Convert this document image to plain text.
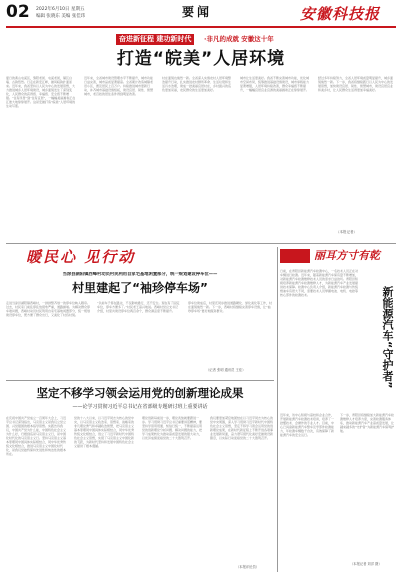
02 2022年6月10日 星期五
编辑 张晓东 美编 张佳玮	要闻	安徽科技报
奋进新征程 建功新时代	·非凡的成就 安徽这十年
打造“皖美”人居环境
夏日的黄山屯溪区，黎阳老街、屯溪老街，黛瓦白墙、古韵悠然。行走在新安江畔，徽风皖韵扑面而来。近年来，我省坚持以人民为中心的发展思想，大力推进城乡人居环境建设，城乡面貌发生了深刻变化，人民群众的获得感、幸福感、安全感不断增强。“住有所居”到“住有宜居”，一幅幅美丽画卷正在江淮大地徐徐展开。这是安徽打造“皖美”人居环境的生动写照。
近年来，全省城市建设管理水平不断提升，城市功能日益完善，城市品质显著提高。全省累计改造城镇老旧小区，惠及居民上百万户。持续推进城市更新行动，补齐城市基础设施短板，建设宜居、韧性、智慧城市，老百姓的居住条件得到明显改善。
村庄面貌也焕然一新。全省深入实施农村人居环境整治提升行动，扎实推进农村厕所革命、生活垃圾和生活污水治理，建成一批美丽宜居村庄，乡村振兴的底色更加亮丽，农民群众的生活更加美好。
城市让生活更美好。我省不断完善城市功能，优化城市空间布局，统筹推进基础设施建设，城市承载能力显著增强，人居环境持续改善，群众幸福感不断提升，一幅幅宜居宜业宜游的美丽画卷正在徐徐展开。
经过多年持续努力，全省人居环境质量明显提升，城乡面貌焕然一新。下一步，我省将继续践行以人民为中心的发展思想，加快建设宜居、韧性、智慧城市，建设宜居宜业和美乡村，让人民群众生活得更加幸福美好。
（本报记者）
暖民心 见行动
当涂县湖阳镇西峰村动员村民利用自家宅基地闲置部分，统一规划建设停车位——
村里建起了“袖珍停车场”
走进当涂县湖阳镇西峰村，一排排整齐划一的停车位映入眼帘。过去，村民家门前乱停乱放现象严重，道路拥堵。为解决群众停车难问题，西峰村动员村民利用自家宅基地闲置部分，统一规划建设停车位，既方便了群众出行，又美化了村容村貌。
“以前车子停在路边，不仅影响通行，还不安全。现在有了固定车位，停车方便多了。”村民老王高兴地说。西峰村党总支书记介绍，村里共建设停车位两百余个，群众满意度不断提升。
停车位建成后，村里还同步推进道路硬化、绿化美化等工作，村庄面貌焕然一新。下一步，西峰村将继续完善停车设施，让“袖珍停车场”更好地服务群众。
（记者 张明 通讯员 王佳）
丽耳方寸有乾
日前，在青阳县新能源汽车检测中心，一名技术人员正在对车辆进行检测。近年来，随着新能源汽车保有量不断增加，对新能源汽车检测维修技术人员的需求日益迫切。青阳县积极培养新能源汽车检测维修人才，为新能源汽车产业发展提供技术保障。检测中心负责人介绍，新能源汽车检测与传统燃油车有很大不同，需要技术人员掌握电池、电机、电控等核心部件的检测技术。	新能源汽车“守护者”
近年来，该中心积极与高校和企业合作，开展新能源汽车检测技术培训，培养了一批懂技术、会操作的专业人才。目前，中心已具备新能源汽车整车及零部件检测能力，年检测车辆数千台次，有效保障了新能源汽车的安全运行。
下一步，青阳县将继续加大新能源汽车检测维修人才培养力度，完善检测服务体系，推动新能源汽车产业高质量发展，让越来越多的“守护者”为新能源汽车保驾护航。
（本报记者 刘洋 摄）
坚定不移学习领会运用党的创新理论成果
——论学习贯彻习近平总书记在省部级专题研讨班上重要讲话
在庆祝中国共产党成立一百周年大会上，习近平总书记深刻指出，马克思主义是我们立党立国、兴党强国的根本指导思想。实践告诉我们，中国共产党为什么能，中国特色社会主义为什么好，归根到底是马克思主义行，是中国化时代化的马克思主义行。坚持马克思主义基本原理同中国具体实际相结合，同中华优秀传统文化相结合，推进马克思主义中国化时代化，是我们党始终保持先进性和纯洁性的根本所在。
党的十八大以来，以习近平同志为核心的党中央，以马克思主义政治家、思想家、战略家的非凡理论勇气和卓越政治智慧，把马克思主义基本原理同中国具体实际相结合，同中华优秀传统文化相结合，创立了习近平新时代中国特色社会主义思想，实现了马克思主义中国化新的飞跃，为新时代坚持和发展中国特色社会主义提供了根本遵循。
理论创新每前进一步，理论武装就要跟进一步。学习贯彻习近平总书记重要讲话精神，要坚持学思用贯通、知信行统一，不断提高运用党的创新理论分析问题、解决问题的能力，把学习成果转化为推动高质量发展的强大动力，以优异成绩迎接党的二十大胜利召开。
我们要更加紧密地团结在以习近平同志为核心的党中央周围，深入学习贯彻习近平新时代中国特色社会主义思想，坚定不移学习领会运用党的创新理论成果，在新时代新征程上不断开创各项事业发展新局面，奋力谱写现代化美好安徽建设新篇章，以实际行动迎接党的二十大胜利召开。
（本报评论员）
